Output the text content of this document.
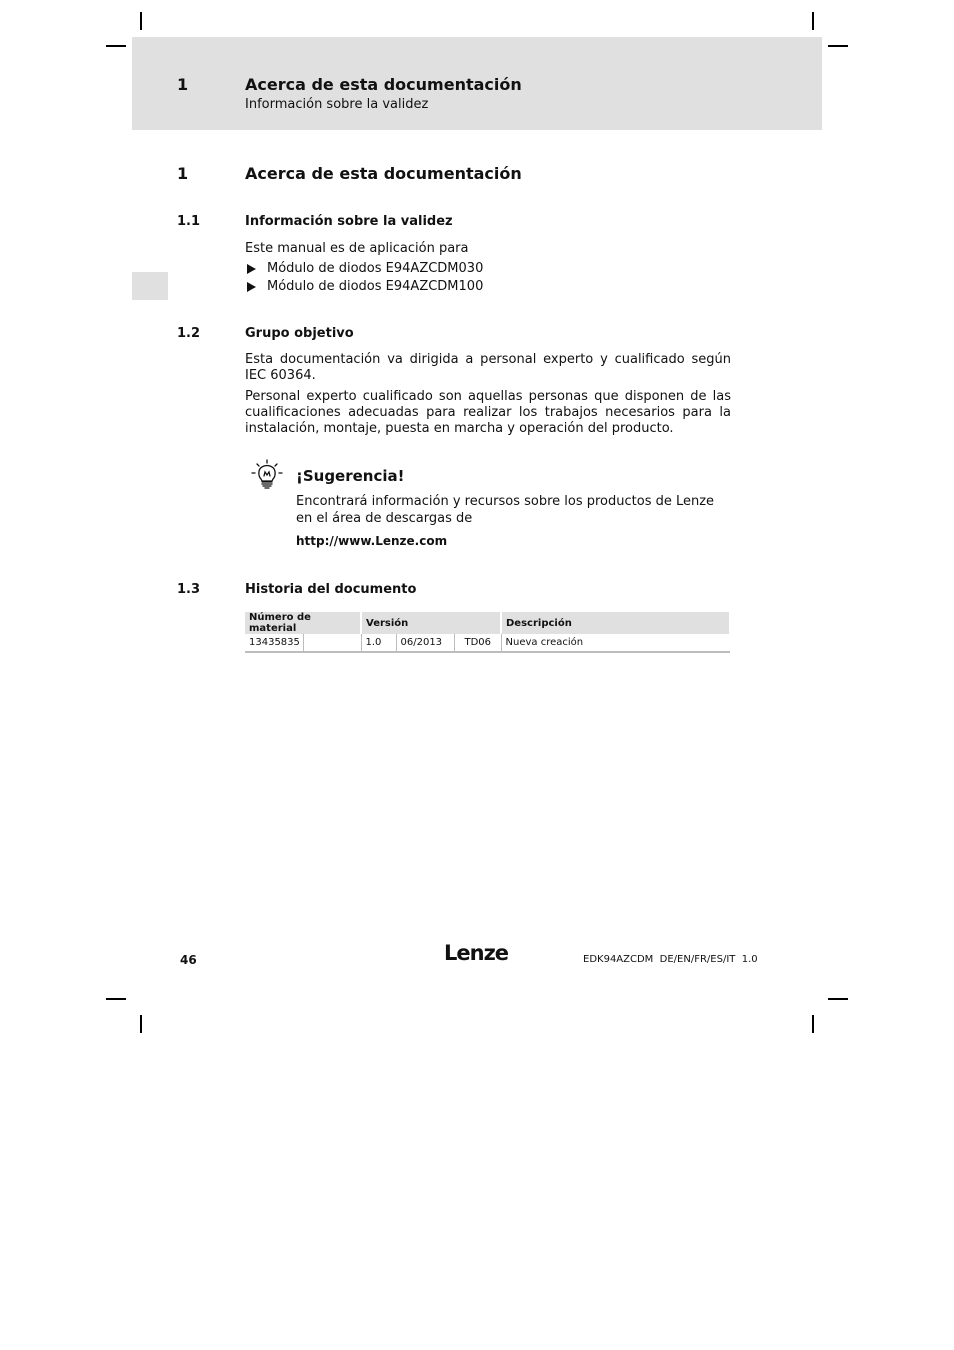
1	Acerca de esta documentación
Información sobre la validez
1	Acerca de esta documentación
1.1	Información sobre la validez
Este manual es de aplicación para
Módulo de diodos E94AZCDM030
Módulo de diodos E94AZCDM100
1.2	Grupo objetivo
Esta documentación va dirigida a personal experto y cualificado según IEC 60364.
Personal experto cualificado son aquellas personas que disponen de las cualificaciones adecuadas para realizar los trabajos necesarios para la instalación, montaje, puesta en marcha y operación del producto.
¡Sugerencia!
Encontrará información y recursos sobre los productos de Lenze en el área de descargas de
http://www.Lenze.com
1.3	Historia del documento
Número de material		Versión			Descripción
13435835		1.0	06/2013	TD06	Nueva creación
46	Lenze	EDK94AZCDM  DE/EN/FR/ES/IT  1.0
